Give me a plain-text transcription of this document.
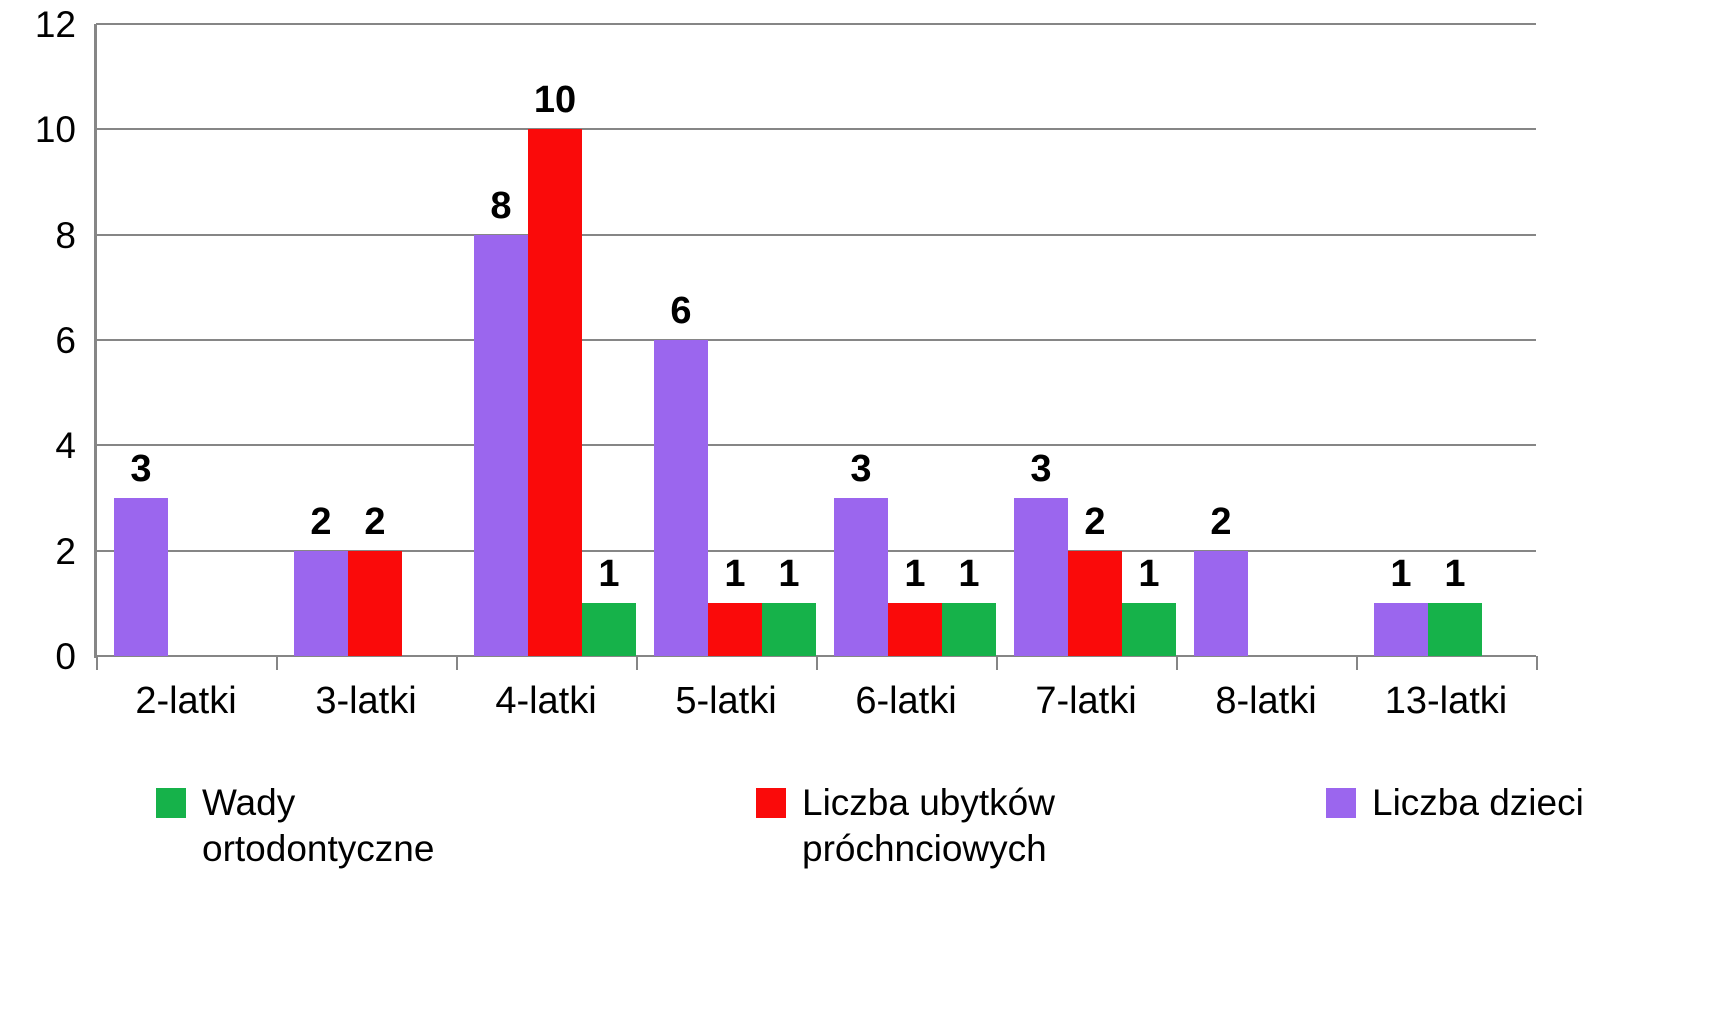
3
2 2
8
10
1
6
1 1
3
1 1
3
2
1
2
1 1
0
2
4
6
8
10
12
2-latki	3-latki	4-latki	5-latki	6-latki	7-latki	8-latki	13-latki
Wady ortodontyczne
Liczba ubytków próchnciowych
Liczba dzieci
